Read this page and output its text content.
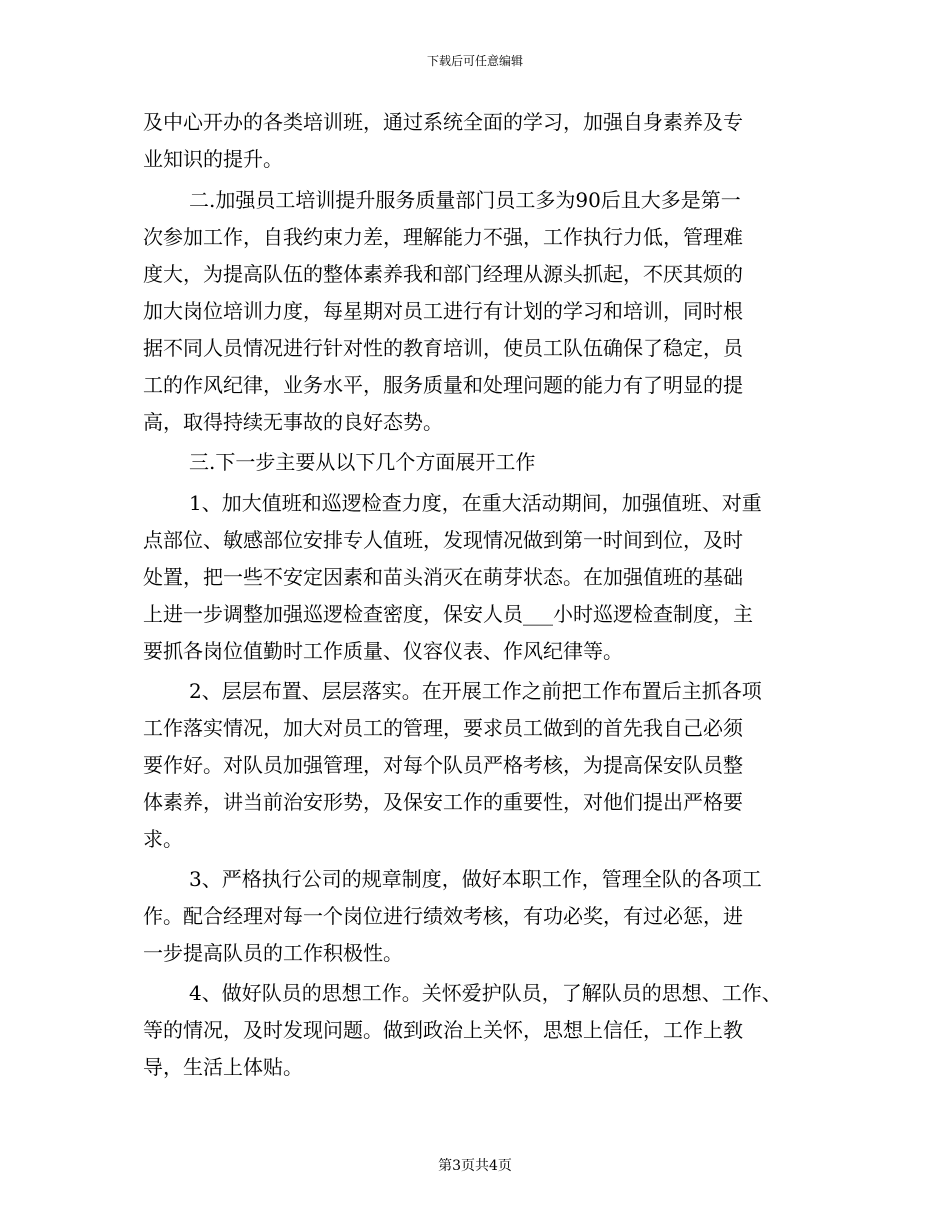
下载后可任意编辑
及中心开办的各类培训班，通过系统全面的学习，加强自身素养及专
业知识的提升。
二.加强员工培训提升服务质量部门员工多为90后且大多是第一
次参加工作，自我约束力差，理解能力不强，工作执行力低，管理难
度大，为提高队伍的整体素养我和部门经理从源头抓起，不厌其烦的
加大岗位培训力度，每星期对员工进行有计划的学习和培训，同时根
据不同人员情况进行针对性的教育培训，使员工队伍确保了稳定，员
工的作风纪律，业务水平，服务质量和处理问题的能力有了明显的提
高，取得持续无事故的良好态势。
三.下一步主要从以下几个方面展开工作
1、加大值班和巡逻检查力度，在重大活动期间，加强值班、对重
点部位、敏感部位安排专人值班，发现情况做到第一时间到位，及时
处置，把一些不安定因素和苗头消灭在萌芽状态。在加强值班的基础
上进一步调整加强巡逻检查密度，保安人员___小时巡逻检查制度，主
要抓各岗位值勤时工作质量、仪容仪表、作风纪律等。
2、层层布置、层层落实。在开展工作之前把工作布置后主抓各项
工作落实情况，加大对员工的管理，要求员工做到的首先我自己必须
要作好。对队员加强管理，对每个队员严格考核，为提高保安队员整
体素养，讲当前治安形势，及保安工作的重要性，对他们提出严格要
求。
3、严格执行公司的规章制度，做好本职工作，管理全队的各项工
作。配合经理对每一个岗位进行绩效考核，有功必奖，有过必惩，进
一步提高队员的工作积极性。
4、做好队员的思想工作。关怀爱护队员，了解队员的思想、工作、
等的情况，及时发现问题。做到政治上关怀，思想上信任，工作上教
导，生活上体贴。
第3页共4页
